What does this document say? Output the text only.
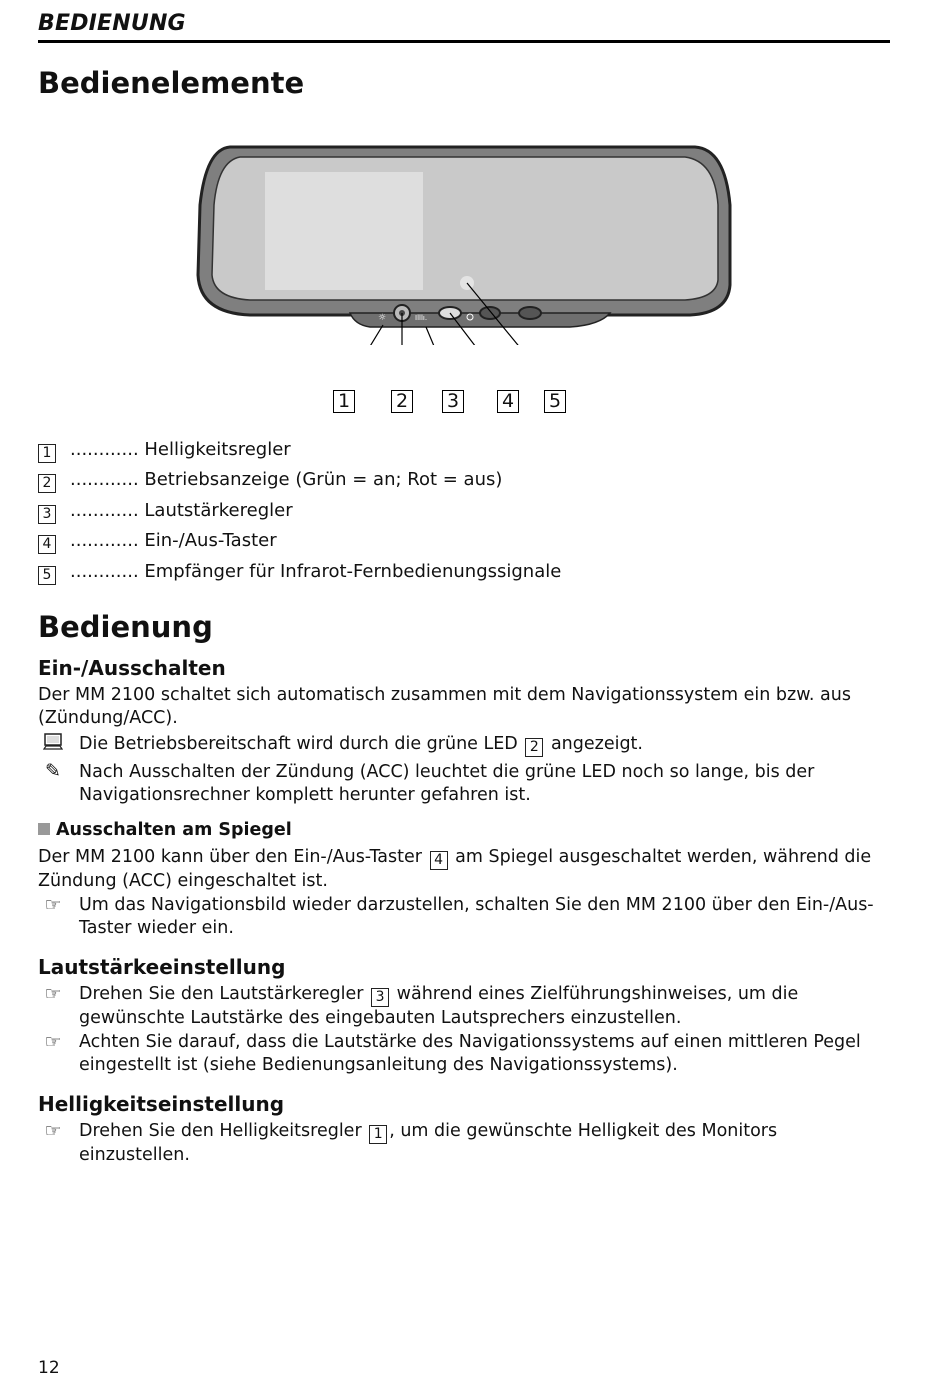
BEDIENUNG
Bedienelemente
☼	Illlı.
1 2 3 4 5
1 ............ Helligkeitsregler
2 ............ Betriebsanzeige (Grün = an; Rot = aus)
3 ............ Lautstärkeregler
4 ............ Ein-/Aus-Taster
5 ............ Empfänger für Infrarot-Fernbedienungssignale
Bedienung
Ein-/Ausschalten

Der MM 2100 schaltet sich automatisch zusammen mit dem Navigationssystem ein bzw. aus (Zündung/ACC).

Die Betriebsbereitschaft wird durch die grüne LED 2 angezeigt.

✎	Nach Ausschalten der Zündung (ACC) leuchtet die grüne LED noch so lange, bis der Navigationsrechner komplett herunter gefahren ist.

Ausschalten am Spiegel

Der MM 2100 kann über den Ein-/Aus-Taster 4 am Spiegel ausgeschaltet werden, während die Zündung (ACC) eingeschaltet ist.

☞ Um das Navigationsbild wieder darzustellen, schalten Sie den MM 2100 über den Ein-/Aus-Taster wieder ein.

Lautstärkeeinstellung
☞ Drehen Sie den Lautstärkeregler 3 während eines Zielführungshinweises, um die gewünschte Lautstärke des eingebauten Lautsprechers einzustellen.

☞ Achten Sie darauf, dass die Lautstärke des Navigationssystems auf einen mittleren Pegel eingestellt ist (siehe Bedienungsanleitung des Navigationssystems).

Helligkeitseinstellung
☞ Drehen Sie den Helligkeitsregler 1 , um die gewünschte Helligkeit des Monitors einzustellen.

12
